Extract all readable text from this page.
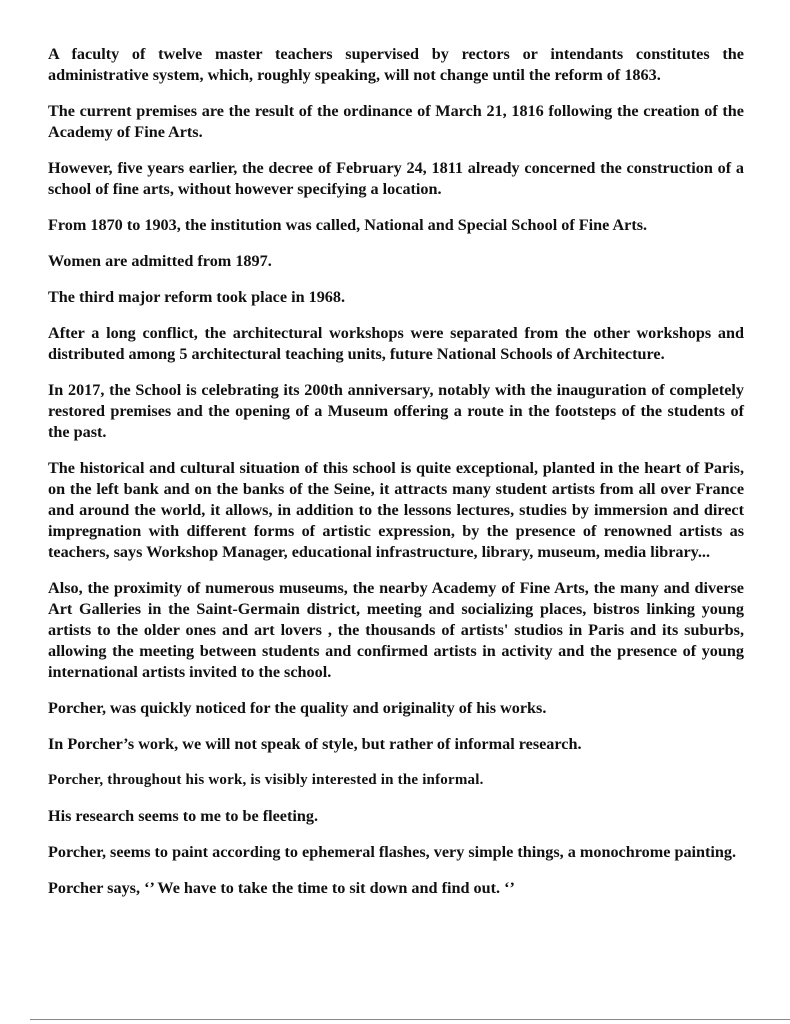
A faculty of twelve master teachers supervised by rectors or intendants constitutes the administrative system, which, roughly speaking, will not change until the reform of 1863.

The current premises are the result of the ordinance of March 21, 1816 following the creation of the Academy of Fine Arts.

However, five years earlier, the decree of February 24, 1811 already concerned the construction of a school of fine arts, without however specifying a location.

From 1870 to 1903, the institution was called, National and Special School of Fine Arts.

Women are admitted from 1897.

The third major reform took place in 1968.

After a long conflict, the architectural workshops were separated from the other workshops and distributed among 5 architectural teaching units, future National Schools of Architecture.

In 2017, the School is celebrating its 200th anniversary, notably with the inauguration of completely restored premises and the opening of a Museum offering a route in the footsteps of the students of the past.

The historical and cultural situation of this school is quite exceptional, planted in the heart of Paris, on the left bank and on the banks of the Seine, it attracts many student artists from all over France and around the world, it allows, in addition to the lessons lectures, studies by immersion and direct impregnation with different forms of artistic expression, by the presence of renowned artists as teachers, says Workshop Manager, educational infrastructure, library, museum, media library...

Also, the proximity of numerous museums, the nearby Academy of Fine Arts, the many and diverse Art Galleries in the Saint-Germain district, meeting and socializing places, bistros linking young artists to the older ones and art lovers , the thousands of artists' studios in Paris and its suburbs, allowing the meeting between students and confirmed artists in activity and the presence of young international artists invited to the school.

Porcher, was quickly noticed for the quality and originality of his works.

In Porcher’s work, we will not speak of style, but rather of informal research.

Porcher, throughout his work, is visibly interested in the informal.

His research seems to me to be fleeting.

Porcher, seems to paint according to ephemeral flashes, very simple things, a monochrome painting.

Porcher says, ‘’ We have to take the time to sit down and find out. ‘’
